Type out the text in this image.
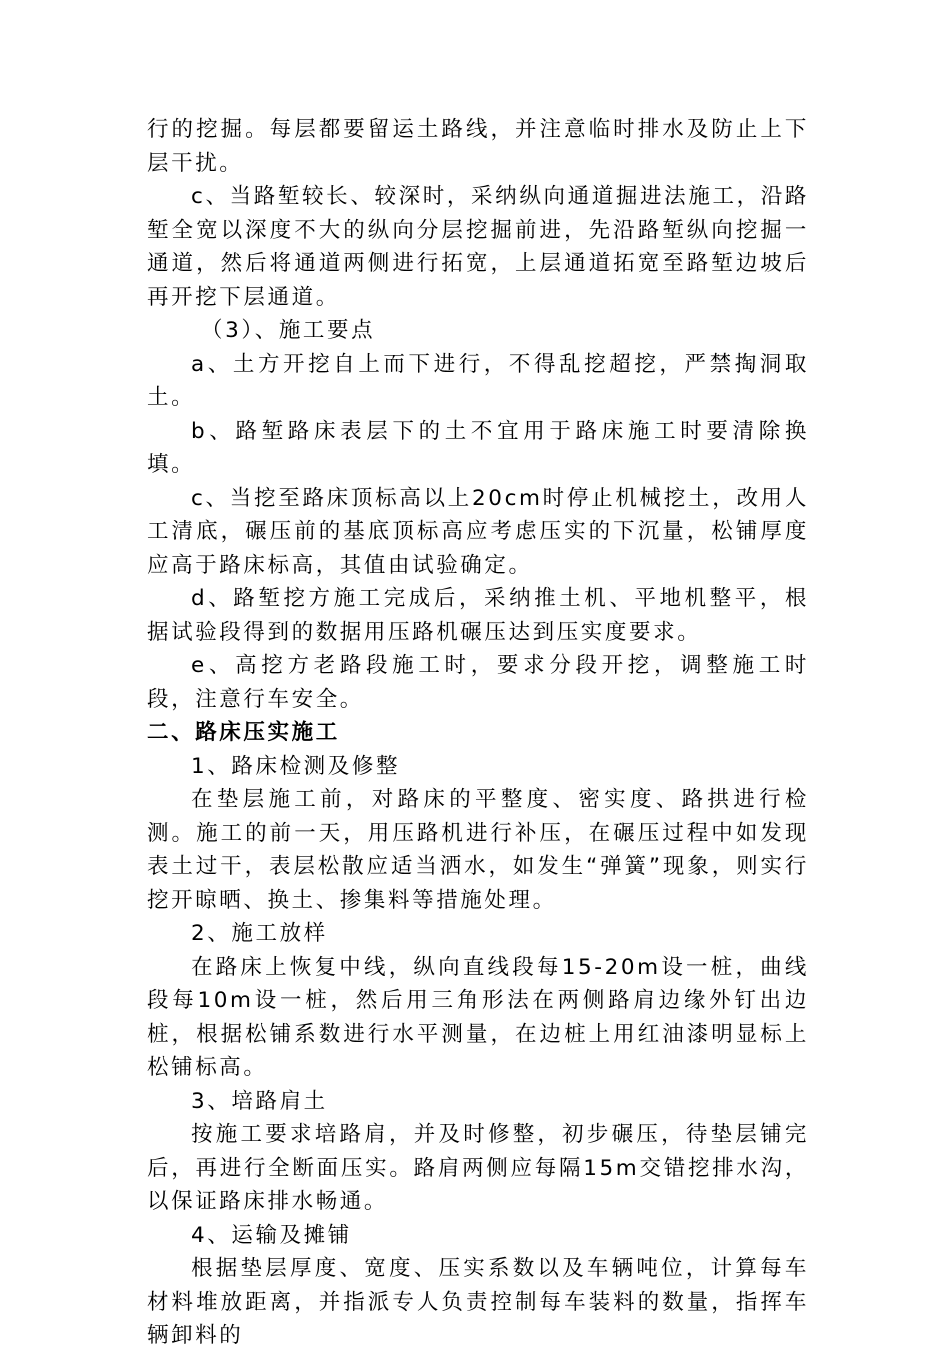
行的挖掘。每层都要留运土路线，并注意临时排水及防止上下层干扰。

c、当路堑较长、较深时，采纳纵向通道掘进法施工，沿路堑全宽以深度不大的纵向分层挖掘前进，先沿路堑纵向挖掘一通道，然后将通道两侧进行拓宽，上层通道拓宽至路堑边坡后再开挖下层通道。

（3）、施工要点

a、土方开挖自上而下进行，不得乱挖超挖，严禁掏洞取土。

b、路堑路床表层下的土不宜用于路床施工时要清除换填。

c、当挖至路床顶标高以上20cm时停止机械挖土，改用人工清底，碾压前的基底顶标高应考虑压实的下沉量，松铺厚度应高于路床标高，其值由试验确定。

d、路堑挖方施工完成后，采纳推土机、平地机整平，根据试验段得到的数据用压路机碾压达到压实度要求。

e、高挖方老路段施工时，要求分段开挖，调整施工时段，注意行车安全。

二、路床压实施工

1、路床检测及修整

在垫层施工前，对路床的平整度、密实度、路拱进行检测。施工的前一天，用压路机进行补压，在碾压过程中如发现表土过干，表层松散应适当洒水，如发生“弹簧”现象，则实行挖开晾晒、换土、掺集料等措施处理。

2、施工放样

在路床上恢复中线，纵向直线段每15-20m设一桩，曲线段每10m设一桩，然后用三角形法在两侧路肩边缘外钉出边桩，根据松铺系数进行水平测量，在边桩上用红油漆明显标上松铺标高。

3、培路肩土

按施工要求培路肩，并及时修整，初步碾压，待垫层铺完后，再进行全断面压实。路肩两侧应每隔15m交错挖排水沟，以保证路床排水畅通。

4、运输及摊铺

根据垫层厚度、宽度、压实系数以及车辆吨位，计算每车材料堆放距离，并指派专人负责控制每车装料的数量，指挥车辆卸料的
